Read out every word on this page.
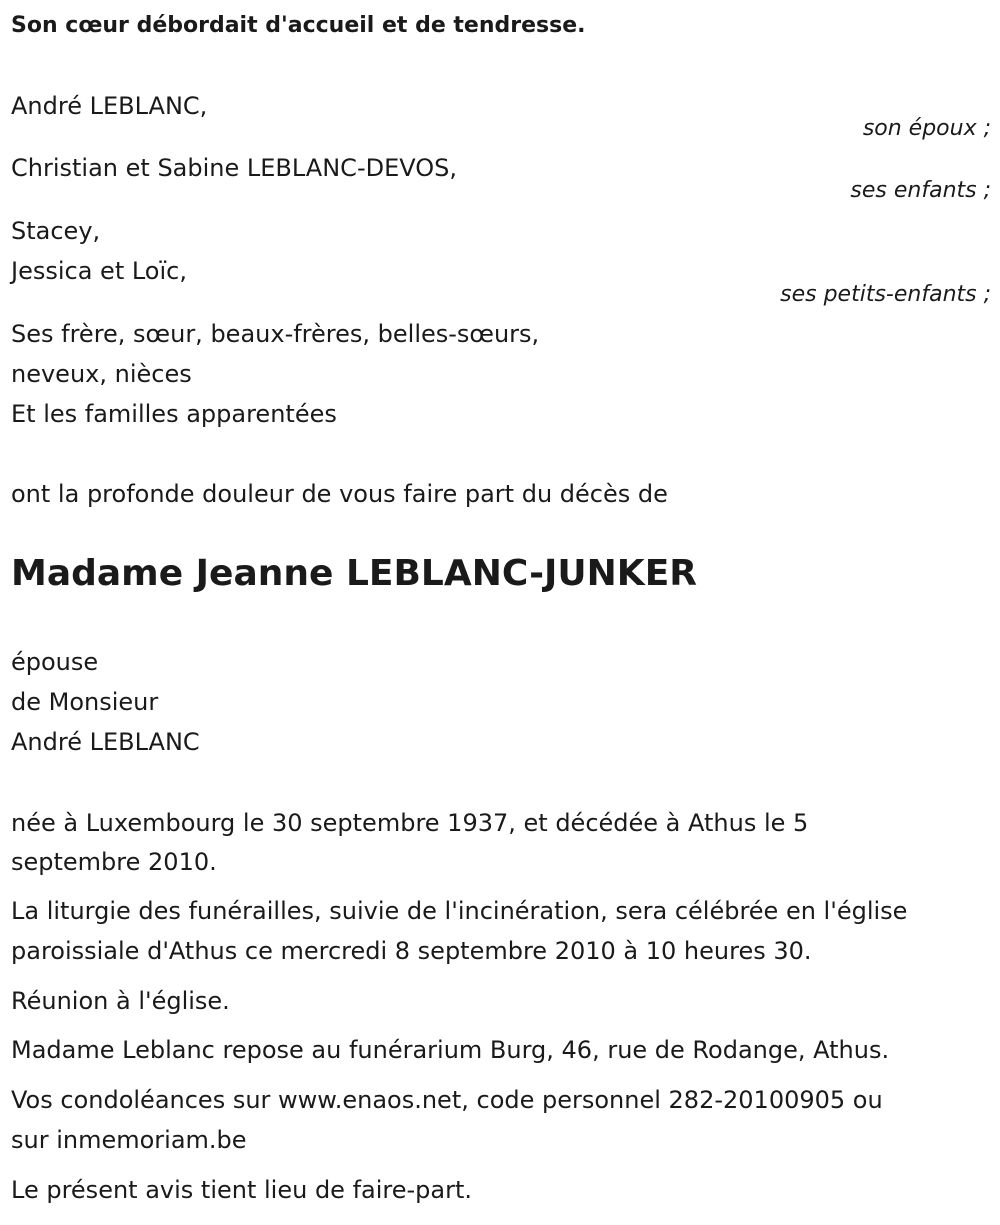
Son cœur débordait d'accueil et de tendresse.
André LEBLANC,
son époux ;
Christian et Sabine LEBLANC-DEVOS,
ses enfants ;
Stacey,
Jessica et Loïc,
ses petits-enfants ;
Ses frère, sœur, beaux-frères, belles-sœurs,
neveux, nièces
Et les familles apparentées
ont la profonde douleur de vous faire part du décès de
Madame Jeanne LEBLANC-JUNKER
épouse
de Monsieur
André LEBLANC
née à Luxembourg le 30 septembre 1937, et décédée à Athus le 5
septembre 2010.
La liturgie des funérailles, suivie de l'incinération, sera célébrée en l'église
paroissiale d'Athus ce mercredi 8 septembre 2010 à 10 heures 30.
Réunion à l'église.
Madame Leblanc repose au funérarium Burg, 46, rue de Rodange, Athus.
Vos condoléances sur www.enaos.net, code personnel 282-20100905 ou
sur inmemoriam.be
Le présent avis tient lieu de faire-part.
